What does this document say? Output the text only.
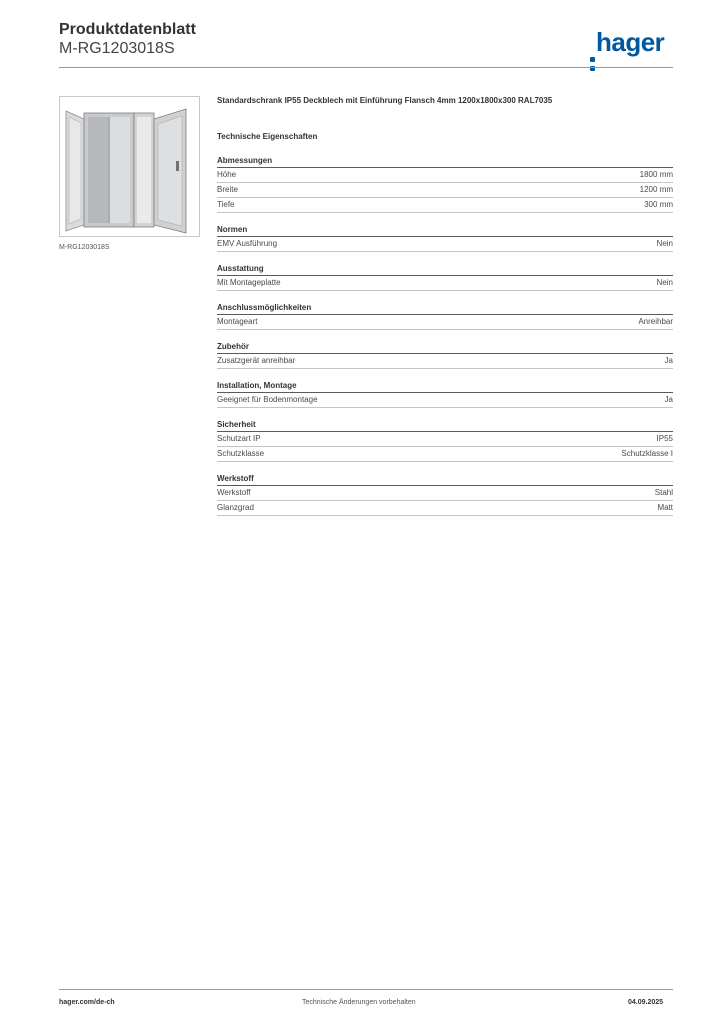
Produktdatenblatt
M-RG1203018S	hager
M-RG1203018S
Standardschrank IP55 Deckblech mit Einführung Flansch 4mm 1200x1800x300 RAL7035
Technische Eigenschaften
Abmessungen
Höhe	1800 mm
Breite	1200 mm
Tiefe	300 mm
Normen
EMV Ausführung	Nein
Ausstattung
Mit Montageplatte	Nein
Anschlussmöglichkeiten
Montageart	Anreihbar
Zubehör
Zusatzgerät anreihbar	Ja
Installation, Montage
Geeignet für Bodenmontage	Ja
Sicherheit
Schutzart IP	IP55
Schutzklasse	Schutzklasse I
Werkstoff
Werkstoff	Stahl
Glanzgrad	Matt
hager.com/de-ch	Technische Änderungen vorbehalten	04.09.2025
